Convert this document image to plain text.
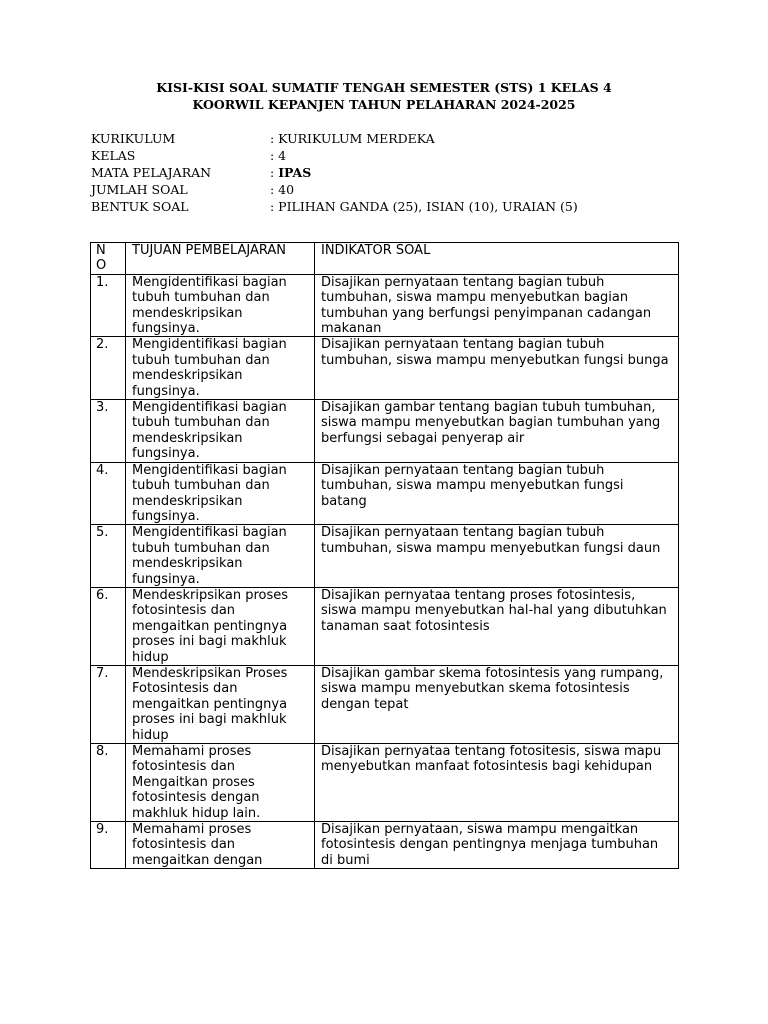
KISI-KISI SOAL SUMATIF TENGAH SEMESTER (STS) 1 KELAS 4
KOORWIL KEPANJEN TAHUN PELAHARAN 2024-2025
KURIKULUM	: KURIKULUM MERDEKA
KELAS	: 4
MATA PELAJARAN	: IPAS
JUMLAH SOAL	: 40
BENTUK SOAL	: PILIHAN GANDA (25), ISIAN (10), URAIAN (5)
N O	TUJUAN PEMBELAJARAN	INDIKATOR SOAL
1.	Mengidentifikasi bagian tubuh tumbuhan dan mendeskripsikan fungsinya.	Disajikan pernyataan tentang bagian tubuh tumbuhan, siswa mampu menyebutkan bagian tumbuhan yang berfungsi penyimpanan cadangan makanan
2.	Mengidentifikasi bagian tubuh tumbuhan dan mendeskripsikan fungsinya.	Disajikan pernyataan tentang bagian tubuh tumbuhan, siswa mampu menyebutkan fungsi bunga
3.	Mengidentifikasi bagian tubuh tumbuhan dan mendeskripsikan fungsinya.	Disajikan gambar tentang bagian tubuh tumbuhan, siswa mampu menyebutkan bagian tumbuhan yang berfungsi sebagai penyerap air
4.	Mengidentifikasi bagian tubuh tumbuhan dan mendeskripsikan fungsinya.	Disajikan pernyataan tentang bagian tubuh tumbuhan, siswa mampu menyebutkan fungsi batang
5.	Mengidentifikasi bagian tubuh tumbuhan dan mendeskripsikan fungsinya.	Disajikan pernyataan tentang bagian tubuh tumbuhan, siswa mampu menyebutkan fungsi daun
6.	Mendeskripsikan proses fotosintesis dan mengaitkan pentingnya proses ini bagi makhluk hidup	Disajikan pernyataa tentang proses fotosintesis, siswa mampu menyebutkan hal-hal yang dibutuhkan tanaman saat fotosintesis
7.	Mendeskripsikan Proses Fotosintesis dan mengaitkan pentingnya proses ini bagi makhluk hidup	Disajikan gambar skema fotosintesis yang rumpang, siswa mampu menyebutkan skema fotosintesis dengan tepat
8.	Memahami proses fotosintesis dan Mengaitkan proses fotosintesis dengan makhluk hidup lain.	Disajikan pernyataa tentang fotositesis, siswa mapu menyebutkan manfaat fotosintesis bagi kehidupan
9.	Memahami proses fotosintesis dan mengaitkan dengan	Disajikan pernyataan, siswa mampu mengaitkan fotosintesis dengan pentingnya menjaga tumbuhan di bumi
